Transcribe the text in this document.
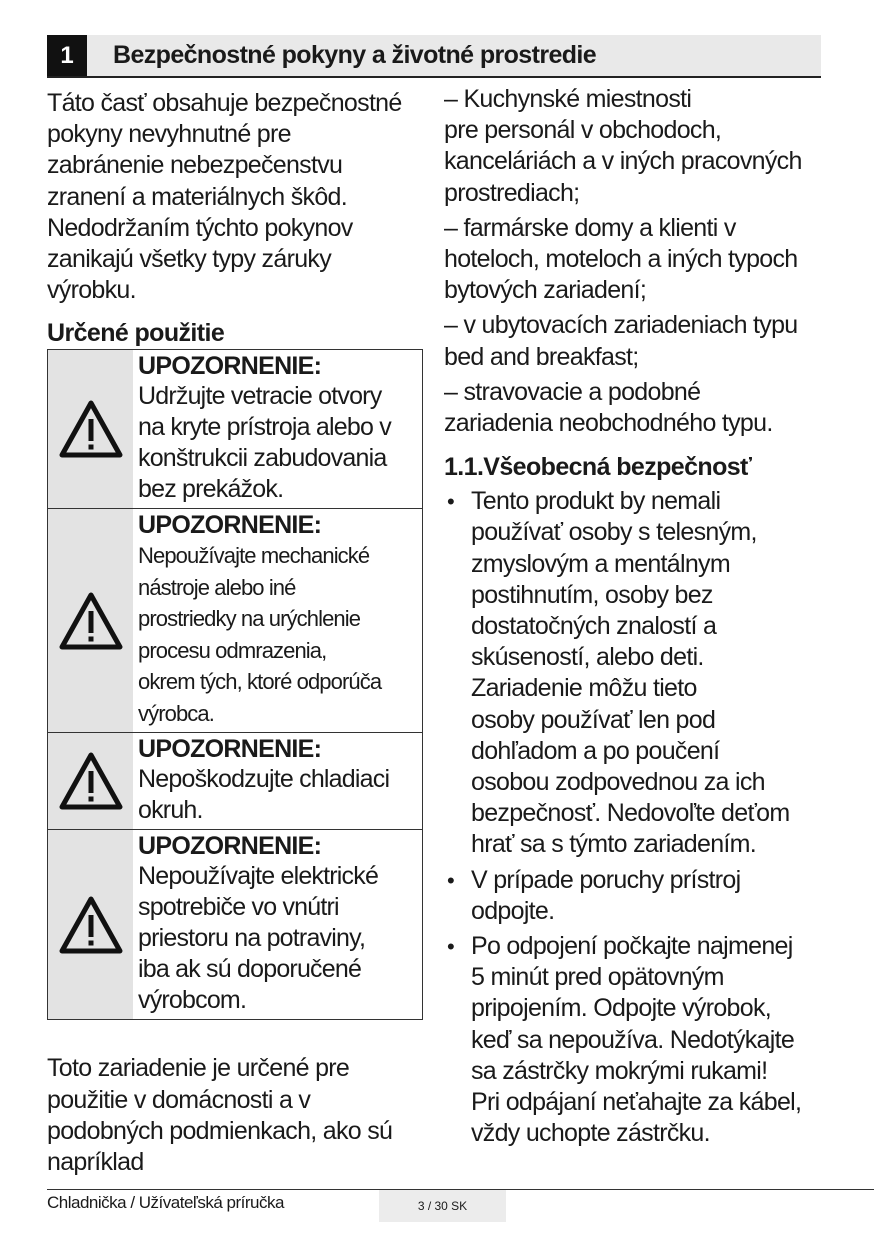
1	Bezpečnostné pokyny a životné prostredie

Táto časť obsahuje bezpečnostné
pokyny nevyhnutné pre
zabránenie nebezpečenstvu
zranení a materiálnych škôd.
Nedodržaním týchto pokynov
zanikajú všetky typy záruky
výrobku.

Určené použitie
UPOZORNENIE:
Udržujte vetracie otvory
na kryte prístroja alebo v
konštrukcii zabudovania
bez prekážok.
UPOZORNENIE:
Nepoužívajte mechanické
nástroje alebo iné
prostriedky na urýchlenie
procesu odmrazenia,
okrem tých, ktoré odporúča
výrobca.
UPOZORNENIE:
Nepoškodzujte chladiaci
okruh.
UPOZORNENIE:
Nepoužívajte elektrické
spotrebiče vo vnútri
priestoru na potraviny,
iba ak sú doporučené
výrobcom.

Toto zariadenie je určené pre
použitie v domácnosti a v
podobných podmienkach, ako sú
napríklad

– Kuchynské miestnosti
pre personál v obchodoch,
kanceláriách a v iných pracovných
prostrediach;

– farmárske domy a klienti v
hoteloch, moteloch a iných typoch
bytových zariadení;

– v ubytovacích zariadeniach typu
bed and breakfast;

– stravovacie a podobné
zariadenia neobchodného typu.

1.1.Všeobecná bezpečnosť
• Tento produkt by nemali
používať osoby s telesným,
zmyslovým a mentálnym
postihnutím, osoby bez
dostatočných znalostí a
skúseností, alebo deti.
Zariadenie môžu tieto
osoby používať len pod
dohľadom a po poučení
osobou zodpovednou za ich
bezpečnosť. Nedovoľte deťom
hrať sa s týmto zariadením.
• V prípade poruchy prístroj
odpojte.
• Po odpojení počkajte najmenej
5 minút pred opätovným
pripojením. Odpojte výrobok,
keď sa nepoužíva. Nedotýkajte
sa zástrčky mokrými rukami!
Pri odpájaní neťahajte za kábel,
vždy uchopte zástrčku.
Chladnička / Užívateľská príručka	3 / 30 SK
